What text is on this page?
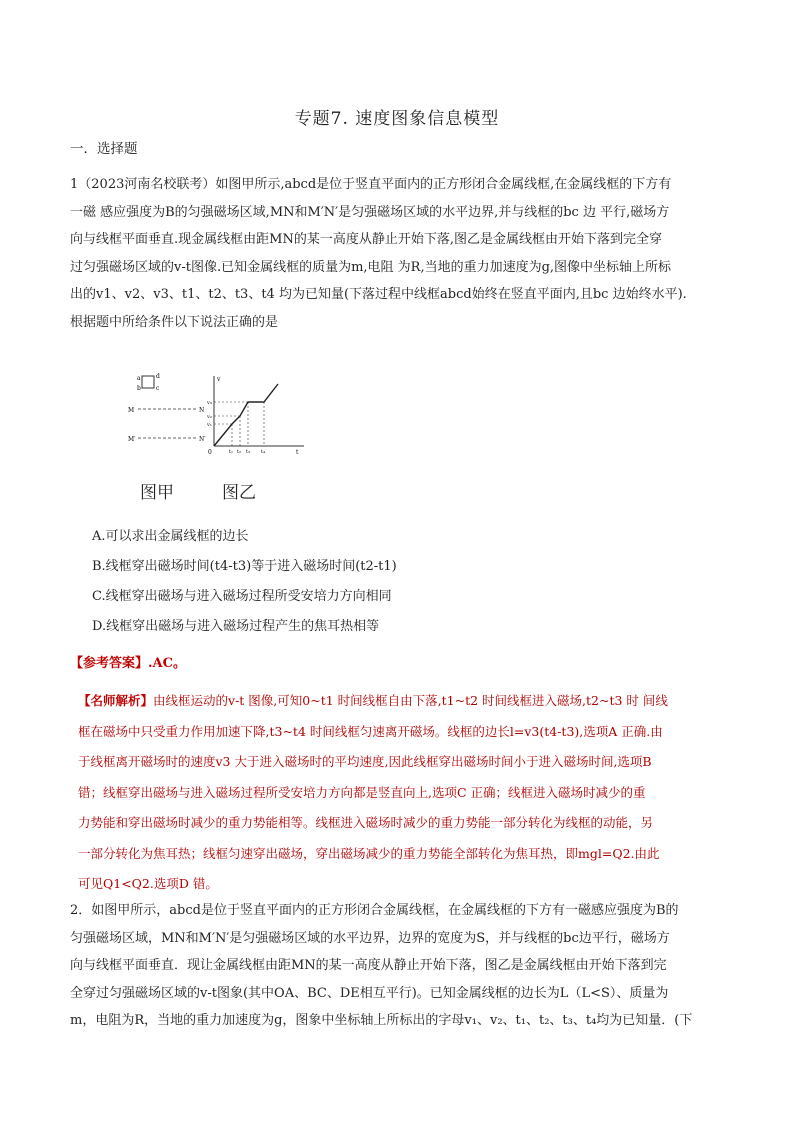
专题7. 速度图象信息模型
一．选择题
1（2023河南名校联考）如图甲所示,abcd是位于竖直平面内的正方形闭合金属线框,在金属线框的下方有
一磁 感应强度为B的匀强磁场区域,MN和M′N′是匀强磁场区域的水平边界,并与线框的bc 边 平行,磁场方
向与线框平面垂直.现金属线框由距MN的某一高度从静止开始下落,图乙是金属线框由开始下落到完全穿
过匀强磁场区域的v-t图像.已知金属线框的质量为m,电阻 为R,当地的重力加速度为g,图像中坐标轴上所标
出的v1、v2、v3、t1、t2、t3、t4 均为已知量(下落过程中线框abcd始终在竖直平面内,且bc 边始终水平).
根据题中所给条件以下说法正确的是
a
b	c
d
M	N
M′	N′
v
t
0
v₁
v₂
v₃
t₁ t₂ t₃ t₄
图甲	图乙
A.可以求出金属线框的边长
B.线框穿出磁场时间(t4-t3)等于进入磁场时间(t2-t1)
C.线框穿出磁场与进入磁场过程所受安培力方向相同
D.线框穿出磁场与进入磁场过程产生的焦耳热相等
【参考答案】.AC。
【名师解析】由线框运动的v-t 图像,可知0~t1 时间线框自由下落,t1~t2 时间线框进入磁场,t2~t3 时 间线
框在磁场中只受重力作用加速下降,t3~t4 时间线框匀速离开磁场。线框的边长l=v3(t4-t3),选项A 正确.由
于线框离开磁场时的速度v3 大于进入磁场时的平均速度,因此线框穿出磁场时间小于进入磁场时间,选项B
错；线框穿出磁场与进入磁场过程所受安培力方向都是竖直向上,选项C 正确；线框进入磁场时减少的重
力势能和穿出磁场时减少的重力势能相等。线框进入磁场时减少的重力势能一部分转化为线框的动能，另
一部分转化为焦耳热；线框匀速穿出磁场，穿出磁场减少的重力势能全部转化为焦耳热，即mgl=Q2.由此
可见Q1<Q2.选项D 错。
2．如图甲所示，abcd是位于竖直平面内的正方形闭合金属线框，在金属线框的下方有一磁感应强度为B的
匀强磁场区域，MN和M′N′是匀强磁场区域的水平边界，边界的宽度为S，并与线框的bc边平行，磁场方
向与线框平面垂直．现让金属线框由距MN的某一高度从静止开始下落，图乙是金属线框由开始下落到完
全穿过匀强磁场区域的v-t图象(其中OA、BC、DE相互平行)。已知金属线框的边长为L（L<S）、质量为
m，电阻为R，当地的重力加速度为g，图象中坐标轴上所标出的字母v₁、v₂、t₁、t₂、t₃、t₄均为已知量．(下
